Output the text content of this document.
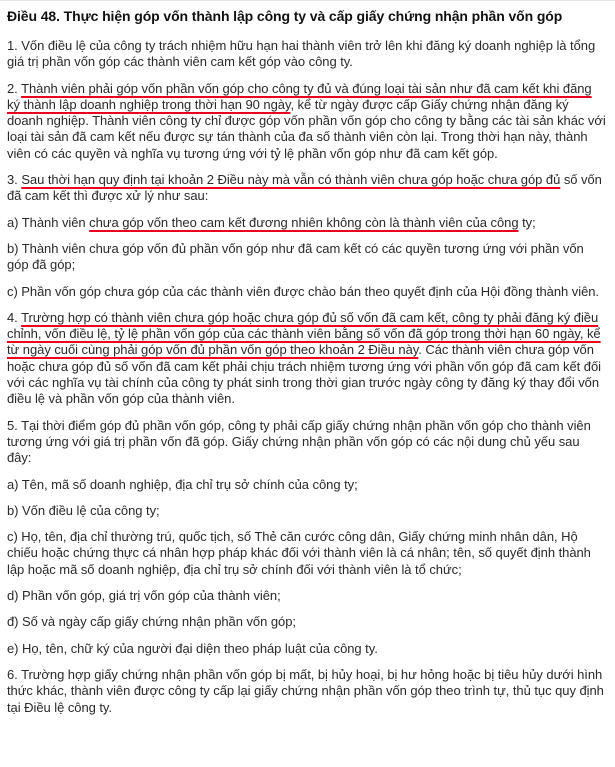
Điều 48. Thực hiện góp vốn thành lập công ty và cấp giấy chứng nhận phần vốn góp

1. Vốn điều lệ của công ty trách nhiệm hữu hạn hai thành viên trở lên khi đăng ký doanh nghiệp là tổng giá trị phần vốn góp các thành viên cam kết góp vào công ty.

2. Thành viên phải góp vốn phần vốn góp cho công ty đủ và đúng loại tài sản như đã cam kết khi đăng ký thành lập doanh nghiệp trong thời hạn 90 ngày, kể từ ngày được cấp Giấy chứng nhận đăng ký doanh nghiệp. Thành viên công ty chỉ được góp vốn phần vốn góp cho công ty bằng các tài sản khác với loại tài sản đã cam kết nếu được sự tán thành của đa số thành viên còn lại. Trong thời hạn này, thành viên có các quyền và nghĩa vụ tương ứng với tỷ lệ phần vốn góp như đã cam kết góp.

3. Sau thời hạn quy định tại khoản 2 Điều này mà vẫn có thành viên chưa góp hoặc chưa góp đủ số vốn đã cam kết thì được xử lý như sau:

a) Thành viên chưa góp vốn theo cam kết đương nhiên không còn là thành viên của công ty;

b) Thành viên chưa góp vốn đủ phần vốn góp như đã cam kết có các quyền tương ứng với phần vốn góp đã góp;

c) Phần vốn góp chưa góp của các thành viên được chào bán theo quyết định của Hội đồng thành viên.

4. Trường hợp có thành viên chưa góp hoặc chưa góp đủ số vốn đã cam kết, công ty phải đăng ký điều chỉnh, vốn điều lệ, tỷ lệ phần vốn góp của các thành viên bằng số vốn đã góp trong thời hạn 60 ngày, kể từ ngày cuối cùng phải góp vốn đủ phần vốn góp theo khoản 2 Điều này. Các thành viên chưa góp vốn hoặc chưa góp đủ số vốn đã cam kết phải chịu trách nhiệm tương ứng với phần vốn góp đã cam kết đối với các nghĩa vụ tài chính của công ty phát sinh trong thời gian trước ngày công ty đăng ký thay đổi vốn điều lệ và phần vốn góp của thành viên.

5. Tại thời điểm góp đủ phần vốn góp, công ty phải cấp giấy chứng nhận phần vốn góp cho thành viên tương ứng với giá trị phần vốn đã góp. Giấy chứng nhận phần vốn góp có các nội dung chủ yếu sau đây:

a) Tên, mã số doanh nghiệp, địa chỉ trụ sở chính của công ty;

b) Vốn điều lệ của công ty;

c) Họ, tên, địa chỉ thường trú, quốc tịch, số Thẻ căn cước công dân, Giấy chứng minh nhân dân, Hộ chiếu hoặc chứng thực cá nhân hợp pháp khác đối với thành viên là cá nhân; tên, số quyết định thành lập hoặc mã số doanh nghiệp, địa chỉ trụ sở chính đối với thành viên là tổ chức;

d) Phần vốn góp, giá trị vốn góp của thành viên;

đ) Số và ngày cấp giấy chứng nhận phần vốn góp;

e) Họ, tên, chữ ký của người đại diện theo pháp luật của công ty.

6. Trường hợp giấy chứng nhận phần vốn góp bị mất, bị hủy hoại, bị hư hỏng hoặc bị tiêu hủy dưới hình thức khác, thành viên được công ty cấp lại giấy chứng nhận phần vốn góp theo trình tự, thủ tục quy định tại Điều lệ công ty.
